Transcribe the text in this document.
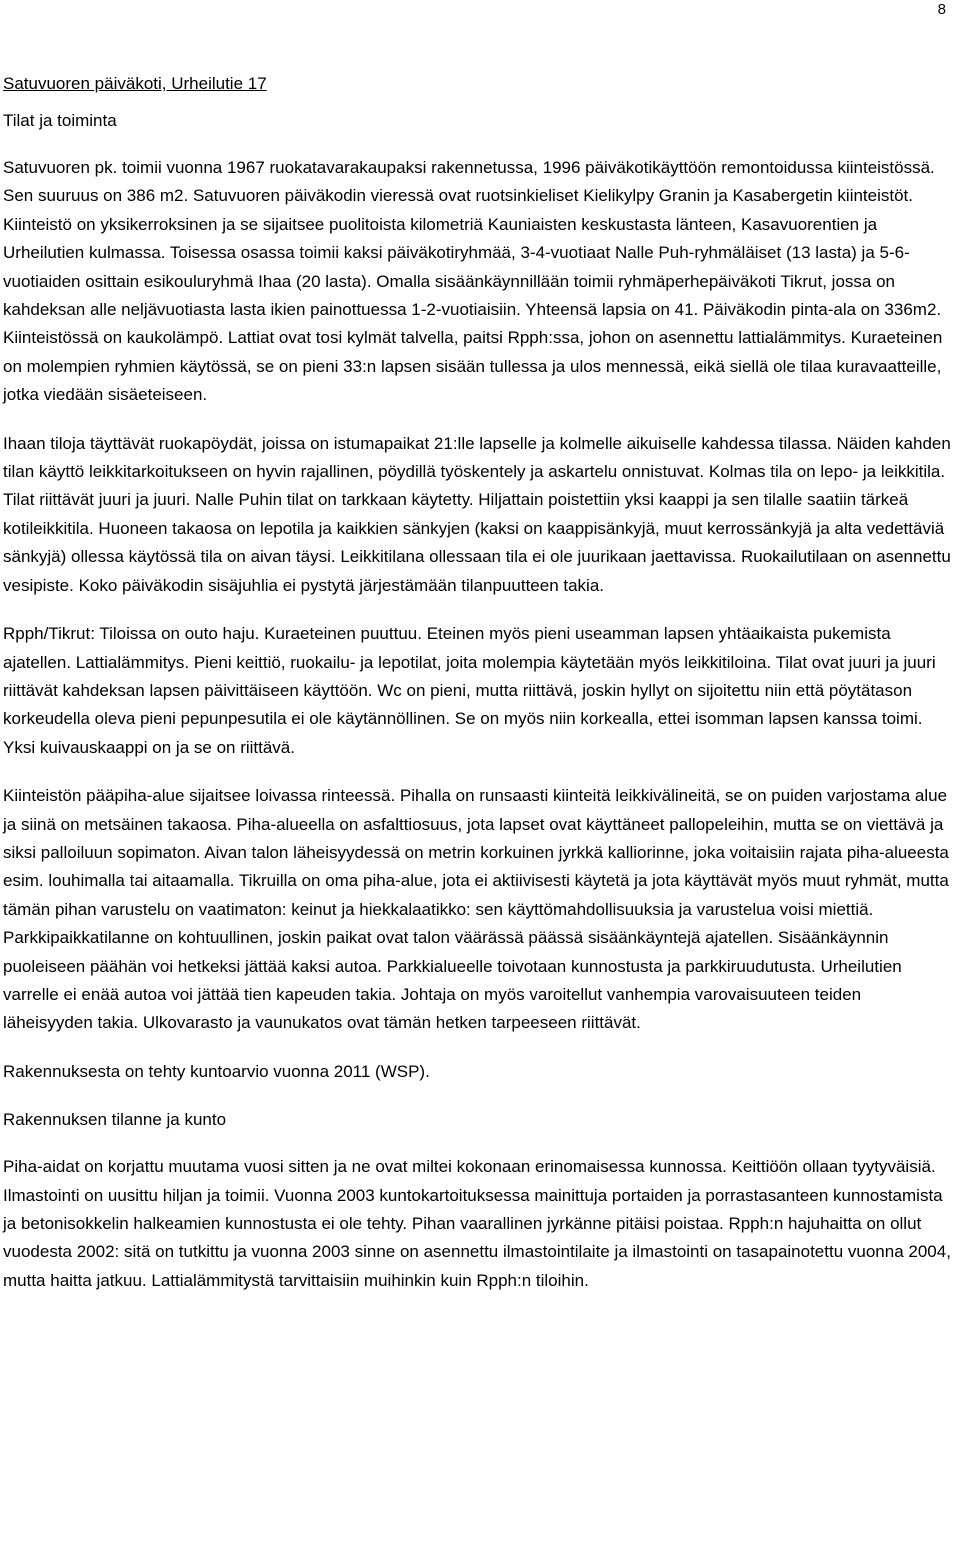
8
Satuvuoren päiväkoti, Urheilutie 17
Tilat ja toiminta

Satuvuoren pk. toimii vuonna 1967 ruokatavarakaupaksi rakennetussa, 1996 päiväkotikäyttöön remontoidussa kiinteistössä. Sen suuruus on 386 m2. Satuvuoren päiväkodin vieressä ovat ruotsinkieliset Kielikylpy Granin ja Kasabergetin kiinteistöt. Kiinteistö on yksikerroksinen ja se sijaitsee puolitoista kilometriä Kauniaisten keskustasta länteen, Kasavuorentien ja Urheilutien kulmassa. Toisessa osassa toimii kaksi päiväkotiryhmää, 3-4-vuotiaat Nalle Puh-ryhmäläiset (13 lasta) ja 5-6-vuotiaiden osittain esikouluryhmä Ihaa (20 lasta). Omalla sisäänkäynnillään toimii ryhmäperhepäiväkoti Tikrut, jossa on kahdeksan alle neljävuotiasta lasta ikien painottuessa 1-2-vuotiaisiin. Yhteensä lapsia on 41. Päiväkodin pinta-ala on 336m2. Kiinteistössä on kaukolämpö. Lattiat ovat tosi kylmät talvella, paitsi Rpph:ssa, johon on asennettu lattialämmitys. Kuraeteinen on molempien ryhmien käytössä, se on pieni 33:n lapsen sisään tullessa ja ulos mennessä, eikä siellä ole tilaa kuravaatteille, jotka viedään sisäeteiseen.

Ihaan tiloja täyttävät ruokapöydät, joissa on istumapaikat 21:lle lapselle ja kolmelle aikuiselle kahdessa tilassa. Näiden kahden tilan käyttö leikkitarkoitukseen on hyvin rajallinen, pöydillä työskentely ja askartelu onnistuvat. Kolmas tila on lepo- ja leikkitila. Tilat riittävät juuri ja juuri. Nalle Puhin tilat on tarkkaan käytetty. Hiljattain poistettiin yksi kaappi ja sen tilalle saatiin tärkeä kotileikkitila. Huoneen takaosa on lepotila ja kaikkien sänkyjen (kaksi on kaappisänkyjä, muut kerrossänkyjä ja alta vedettäviä sänkyjä) ollessa käytössä tila on aivan täysi. Leikkitilana ollessaan tila ei ole juurikaan jaettavissa. Ruokailutilaan on asennettu vesipiste. Koko päiväkodin sisäjuhlia ei pystytä järjestämään tilanpuutteen takia.

Rpph/Tikrut: Tiloissa on outo haju. Kuraeteinen puuttuu. Eteinen myös pieni useamman lapsen yhtäaikaista pukemista ajatellen. Lattialämmitys. Pieni keittiö, ruokailu- ja lepotilat, joita molempia käytetään myös leikkitiloina. Tilat ovat juuri ja juuri riittävät kahdeksan lapsen päivittäiseen käyttöön. Wc on pieni, mutta riittävä, joskin hyllyt on sijoitettu niin että pöytätason korkeudella oleva pieni pepunpesutila ei ole käytännöllinen. Se on myös niin korkealla, ettei isomman lapsen kanssa toimi. Yksi kuivauskaappi on ja se on riittävä.

Kiinteistön pääpiha-alue sijaitsee loivassa rinteessä. Pihalla on runsaasti kiinteitä leikkivälineitä, se on puiden varjostama alue ja siinä on metsäinen takaosa. Piha-alueella on asfalttiosuus, jota lapset ovat käyttäneet pallopeleihin, mutta se on viettävä ja siksi palloiluun sopimaton. Aivan talon läheisyydessä on metrin korkuinen jyrkkä kalliorinne, joka voitaisiin rajata piha-alueesta esim. louhimalla tai aitaamalla. Tikruilla on oma piha-alue, jota ei aktiivisesti käytetä ja jota käyttävät myös muut ryhmät, mutta tämän pihan varustelu on vaatimaton: keinut ja hiekkalaatikko: sen käyttömahdollisuuksia ja varustelua voisi miettiä. Parkkipaikkatilanne on kohtuullinen, joskin paikat ovat talon väärässä päässä sisäänkäyntejä ajatellen. Sisäänkäynnin puoleiseen päähän voi hetkeksi jättää kaksi autoa. Parkkialueelle toivotaan kunnostusta ja parkkiruudutusta. Urheilutien varrelle ei enää autoa voi jättää tien kapeuden takia. Johtaja on myös varoitellut vanhempia varovaisuuteen teiden läheisyyden takia. Ulkovarasto ja vaunukatos ovat tämän hetken tarpeeseen riittävät.

Rakennuksesta on tehty kuntoarvio vuonna 2011 (WSP).

Rakennuksen tilanne ja kunto

Piha-aidat on korjattu muutama vuosi sitten ja ne ovat miltei kokonaan erinomaisessa kunnossa. Keittiöön ollaan tyytyväisiä. Ilmastointi on uusittu hiljan ja toimii. Vuonna 2003 kuntokartoituksessa mainittuja portaiden ja porrastasanteen kunnostamista ja betonisokkelin halkeamien kunnostusta ei ole tehty. Pihan vaarallinen jyrkänne pitäisi poistaa. Rpph:n hajuhaitta on ollut vuodesta 2002: sitä on tutkittu ja vuonna 2003 sinne on asennettu ilmastointilaite ja ilmastointi on tasapainotettu vuonna 2004, mutta haitta jatkuu. Lattialämmitystä tarvittaisiin muihinkin kuin Rpph:n tiloihin.
